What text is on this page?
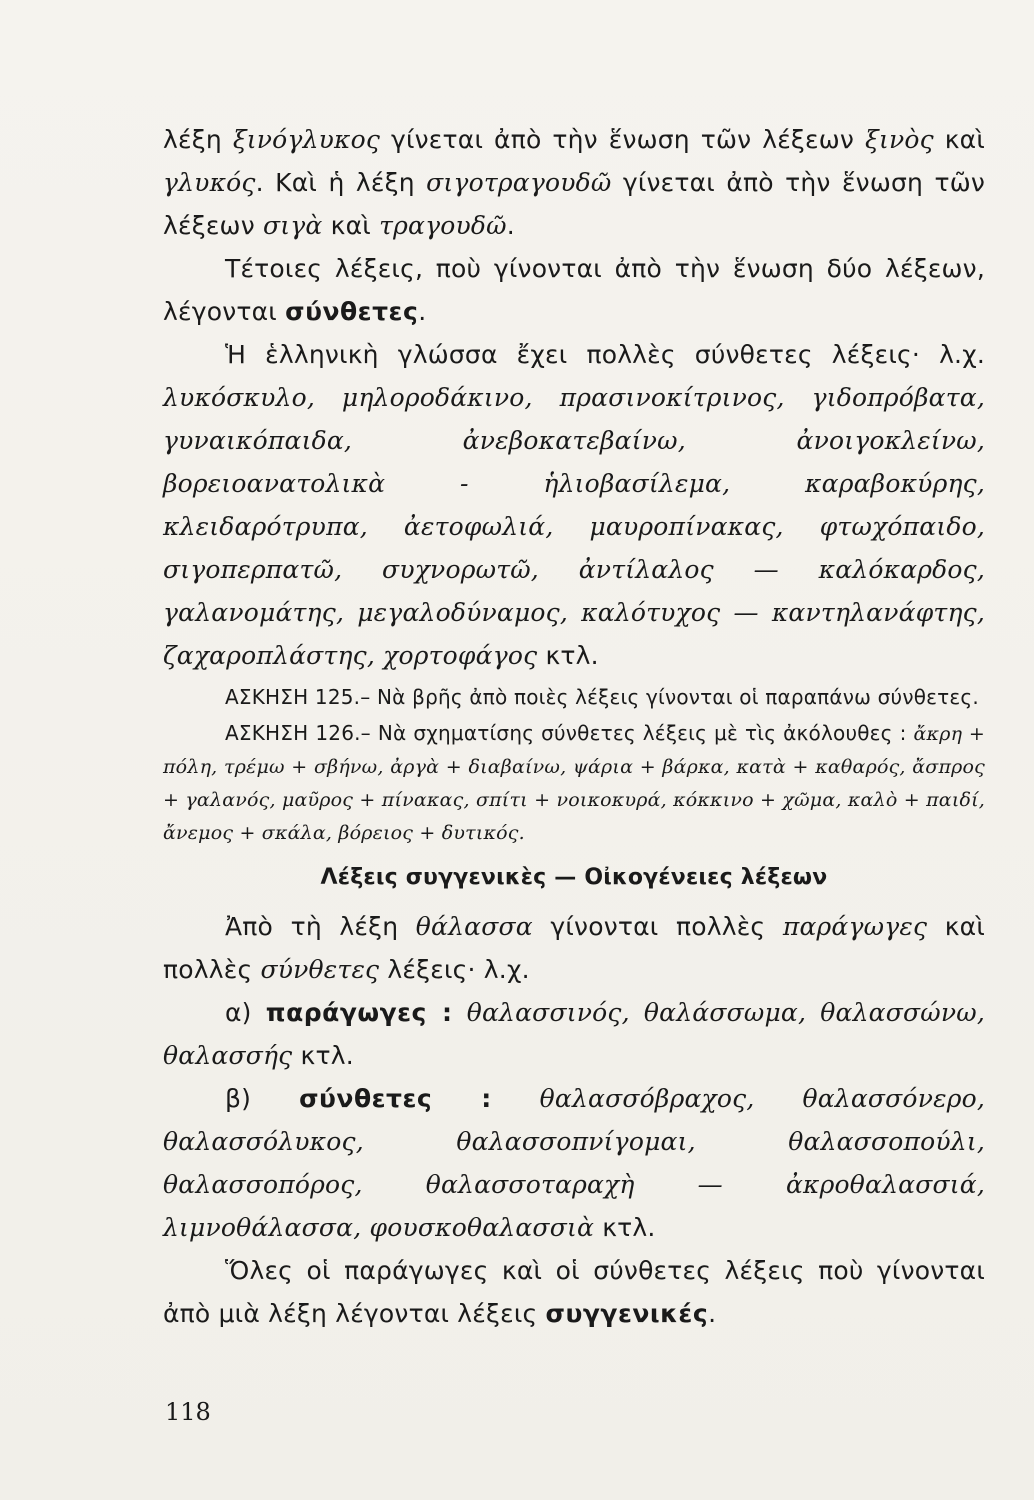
λέξη ξινόγλυκος γίνεται ἀπὸ τὴν ἕνωση τῶν λέξεων ξινὸς καὶ γλυκός. Καὶ ἡ λέξη σιγοτραγουδῶ γίνεται ἀπὸ τὴν ἕνωση τῶν λέξεων σιγὰ καὶ τραγουδῶ.

Τέτοιες λέξεις, ποὺ γίνονται ἀπὸ τὴν ἕνωση δύο λέξεων, λέγονται σύνθετες.

Ἡ ἑλληνικὴ γλώσσα ἔχει πολλὲς σύνθετες λέξεις· λ.χ. λυκόσκυλο, μηλοροδάκινο, πρασινοκίτρινος, γιδοπρόβατα, γυναικόπαιδα, ἀνεβοκατεβαίνω, ἀνοιγοκλείνω, βορειοανατολικὰ - ἡλιοβασίλεμα, καραβοκύρης, κλειδαρότρυπα, ἀετοφωλιά, μαυροπίνακας, φτωχόπαιδο, σιγοπερπατῶ, συχνορωτῶ, ἀντίλαλος — καλόκαρδος, γαλανομάτης, μεγαλοδύναμος, καλότυχος — καντηλανάφτης, ζαχαροπλάστης, χορτοφάγος κτλ.

ΑΣΚΗΣΗ 125.– Νὰ βρῆς ἀπὸ ποιὲς λέξεις γίνονται οἱ παραπάνω σύνθετες.

ΑΣΚΗΣΗ 126.– Νὰ σχηματίσης σύνθετες λέξεις μὲ τὶς ἀκόλουθες : ἄκρη + πόλη, τρέμω + σβήνω, ἀργὰ + διαβαίνω, ψάρια + βάρκα, κατὰ + καθαρός, ἄσπρος + γαλανός, μαῦρος + πίνακας, σπίτι + νοικοκυρά, κόκκινο + χῶμα, καλὸ + παιδί, ἄνεμος + σκάλα, βόρειος + δυτικός.

Λέξεις συγγενικὲς — Οἰκογένειες λέξεων

Ἀπὸ τὴ λέξη θάλασσα γίνονται πολλὲς παράγωγες καὶ πολλὲς σύνθετες λέξεις· λ.χ.

α) παράγωγες : θαλασσινός, θαλάσσωμα, θαλασσώνω, θαλασσής κτλ.

β) σύνθετες : θαλασσόβραχος, θαλασσόνερο, θαλασσόλυκος, θαλασσοπνίγομαι, θαλασσοπούλι, θαλασσοπόρος, θαλασσοταραχὴ — ἀκροθαλασσιά, λιμνοθάλασσα, φουσκοθαλασσιὰ κτλ.

Ὅλες οἱ παράγωγες καὶ οἱ σύνθετες λέξεις ποὺ γίνονται ἀπὸ μιὰ λέξη λέγονται λέξεις συγγενικές.

118
